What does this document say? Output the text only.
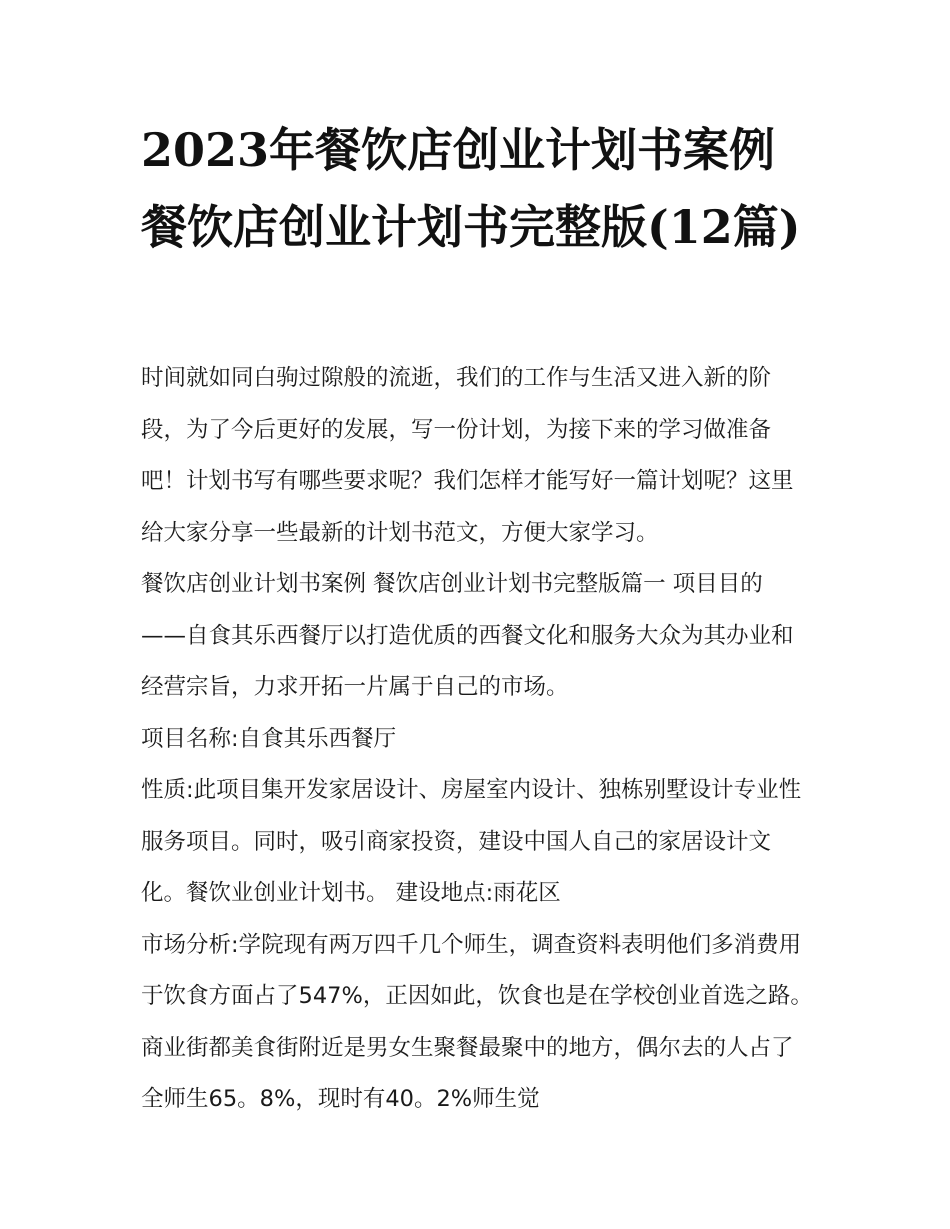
2023年餐饮店创业计划书案例 餐饮店创业计划书完整版(12篇)

时间就如同白驹过隙般的流逝，我们的工作与生活又进入新的阶段，为了今后更好的发展，写一份计划，为接下来的学习做准备吧！计划书写有哪些要求呢？我们怎样才能写好一篇计划呢？这里给大家分享一些最新的计划书范文，方便大家学习。

餐饮店创业计划书案例 餐饮店创业计划书完整版篇一 项目目的 ——自食其乐西餐厅以打造优质的西餐文化和服务大众为其办业和经营宗旨，力求开拓一片属于自己的市场。

项目名称:自食其乐西餐厅

性质:此项目集开发家居设计、房屋室内设计、独栋别墅设计专业性服务项目。同时，吸引商家投资，建设中国人自己的家居设计文化。餐饮业创业计划书。 建设地点:雨花区

市场分析:学院现有两万四千几个师生，调查资料表明他们多消费用于饮食方面占了547%，正因如此，饮食也是在学校创业首选之路。商业街都美食街附近是男女生聚餐最聚中的地方，偶尔去的人占了全师生65。8%，现时有40。2%师生觉
